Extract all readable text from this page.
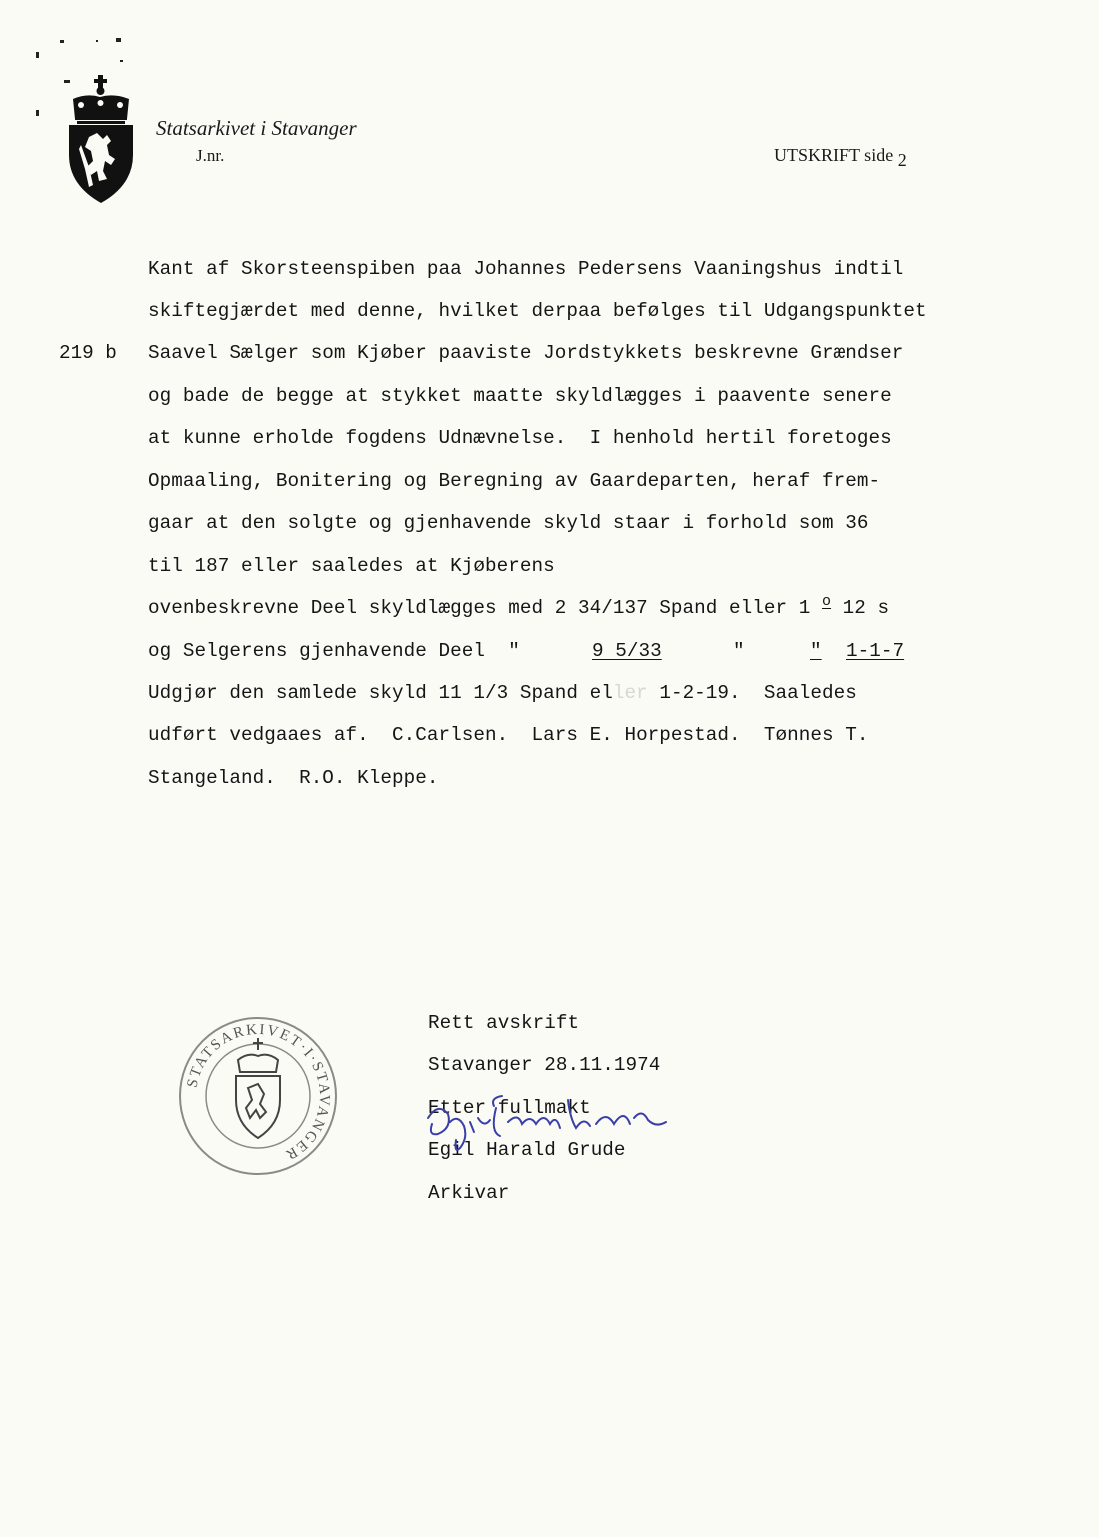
Statsarkivet i Stavanger
J.nr.	UTSKRIFT side 2
219 b
Kant af Skorsteenspiben paa Johannes Pedersens Vaaningshus indtil
skiftegjærdet med denne, hvilket derpaa befølges til Udgangspunktet
Saavel Sælger som Kjøber paaviste Jordstykkets beskrevne Grændser
og bade de begge at stykket maatte skyldlægges i paavente senere
at kunne erholde fogdens Udnævnelse.  I henhold hertil foretoges
Opmaaling, Bonitering og Beregning av Gaardeparten, heraf frem-
gaar at den solgte og gjenhavende skyld staar i forhold som 36
til 187 eller saaledes at Kjøberens
ovenbeskrevne Deel skyldlægges med 2 34/137 Spand eller 1 $^o$ 12 s
og Selgerens gjenhavende Deel  "	9 5/33	"	" 1-1-7
Udgjør den samlede skyld 11 1/3 Spand eller 1-2-19.  Saaledes
udført vedgaaes af.  C.Carlsen.  Lars E. Horpestad.  Tønnes T.
Stangeland.  R.O. Kleppe.
STATSARKIVET·I·STAVANGER
Rett avskrift
Stavanger 28.11.1974
Etter fullmakt
Egil Harald Grude
Arkivar
